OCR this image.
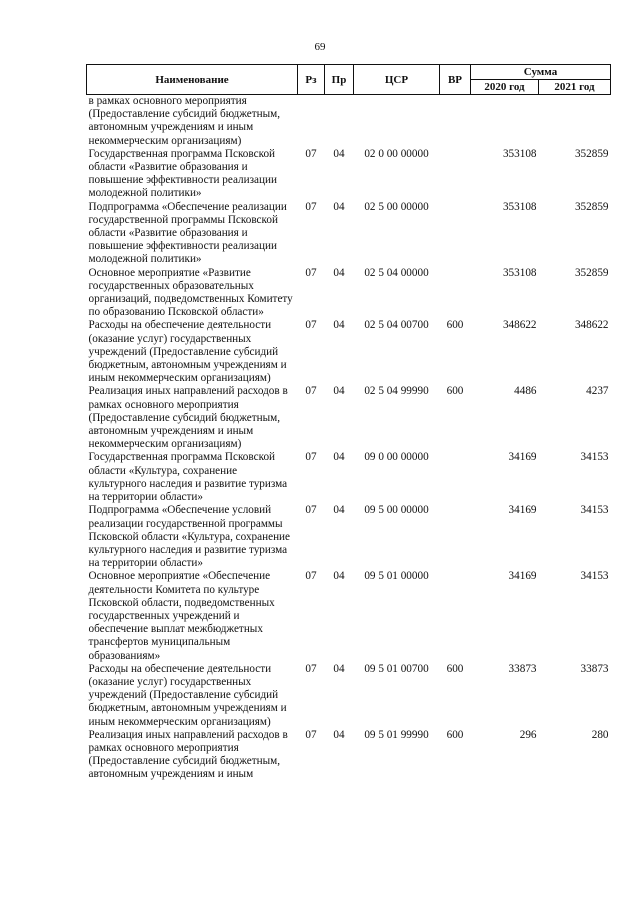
69
Наименование	Рз	Пр	ЦСР	ВР	Сумма	
					2020 год	2021 год
в рамках основного мероприятия (Предоставление субсидий бюджетным, автономным учреждениям и иным некоммерческим организациям)						
Государственная программа Псковской области «Развитие образования и повышение эффективности реализации молодежной политики»	07	04	02 0 00 00000		353108	352859
Подпрограмма «Обеспечение реализации государственной программы Псковской области «Развитие образования и повышение эффективности реализации молодежной политики»	07	04	02 5 00 00000		353108	352859
Основное мероприятие «Развитие государственных образовательных организаций, подведомственных Комитету по образованию Псковской области»	07	04	02 5 04 00000		353108	352859
Расходы на обеспечение деятельности (оказание услуг) государственных учреждений (Предоставление субсидий бюджетным, автономным учреждениям и иным некоммерческим организациям)	07	04	02 5 04 00700	600	348622	348622
Реализация иных направлений расходов в рамках основного мероприятия (Предоставление субсидий бюджетным, автономным учреждениям и иным некоммерческим организациям)	07	04	02 5 04 99990	600	4486	4237
Государственная программа Псковской области «Культура, сохранение культурного наследия и развитие туризма на территории области»	07	04	09 0 00 00000		34169	34153
Подпрограмма «Обеспечение условий реализации государственной программы Псковской области «Культура, сохранение культурного наследия и развитие туризма на территории области»	07	04	09 5 00 00000		34169	34153
Основное мероприятие «Обеспечение деятельности Комитета по культуре Псковской области, подведомственных государственных учреждений и обеспечение выплат межбюджетных трансфертов муниципальным образованиям»	07	04	09 5 01 00000		34169	34153
Расходы на обеспечение деятельности (оказание услуг) государственных учреждений (Предоставление субсидий бюджетным, автономным учреждениям и иным некоммерческим организациям)	07	04	09 5 01 00700	600	33873	33873
Реализация иных направлений расходов в рамках основного мероприятия (Предоставление субсидий бюджетным, автономным учреждениям и иным	07	04	09 5 01 99990	600	296	280
